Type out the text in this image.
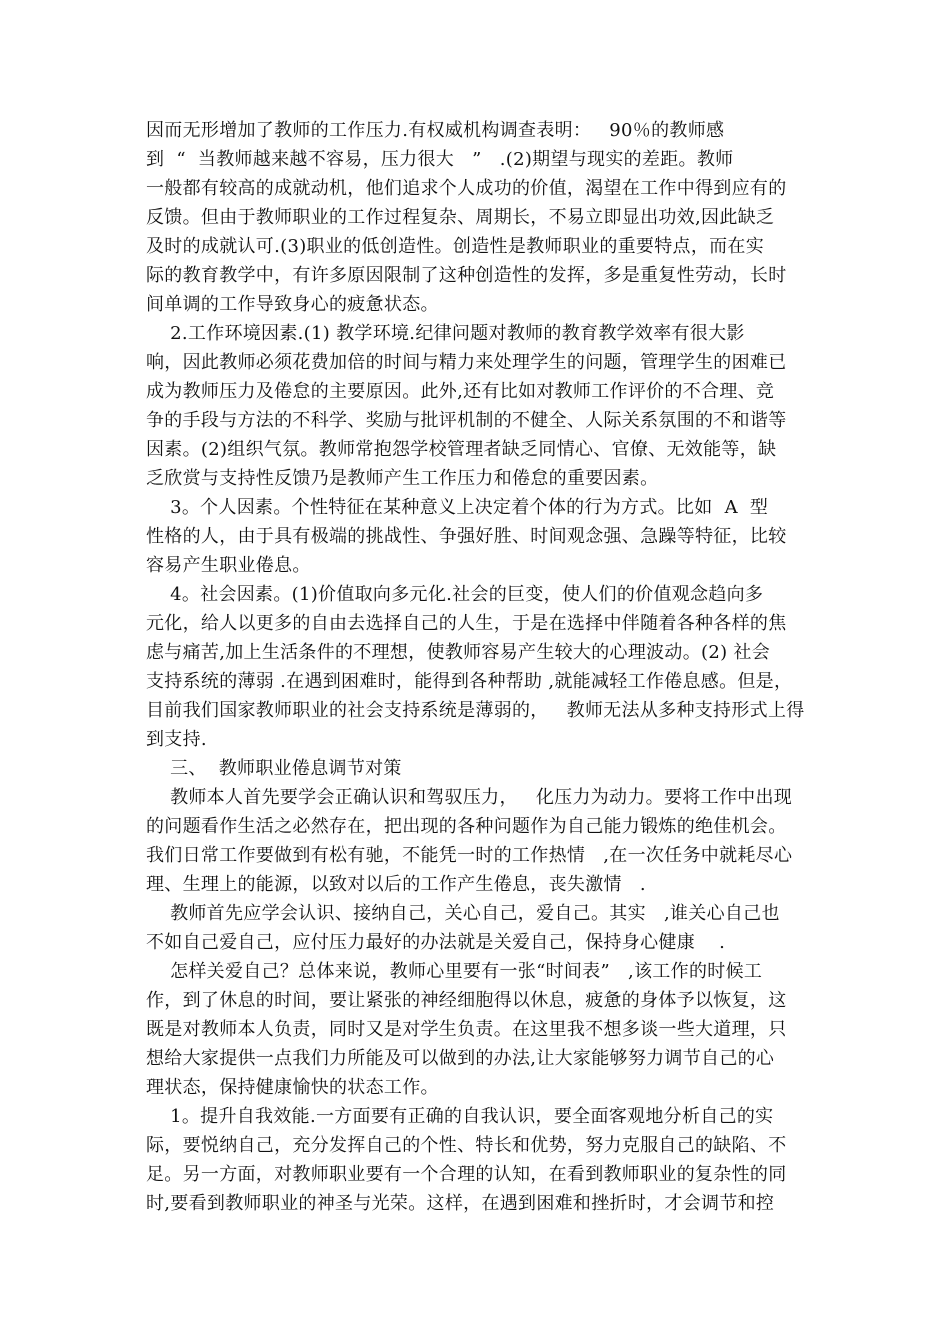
因而无形增加了教师的工作压力.有权威机构调查表明：   90％的教师感
到  “  当教师越来越不容易，压力很大   ”   .(2)期望与现实的差距。教师
一般都有较高的成就动机，他们追求个人成功的价值，渴望在工作中得到应有的
反馈。但由于教师职业的工作过程复杂、周期长，不易立即显出功效,因此缺乏
及时的成就认可.(3)职业的低创造性。创造性是教师职业的重要特点，而在实
际的教育教学中，有许多原因限制了这种创造性的发挥，多是重复性劳动，长时
间单调的工作导致身心的疲惫状态。
2.工作环境因素.(1) 教学环境.纪律问题对教师的教育教学效率有很大影
响，因此教师必须花费加倍的时间与精力来处理学生的问题，管理学生的困难已
成为教师压力及倦怠的主要原因。此外,还有比如对教师工作评价的不合理、竞
争的手段与方法的不科学、奖励与批评机制的不健全、人际关系氛围的不和谐等
因素。(2)组织气氛。教师常抱怨学校管理者缺乏同情心、官僚、无效能等，缺
乏欣赏与支持性反馈乃是教师产生工作压力和倦怠的重要因素。
3。个人因素。个性特征在某种意义上决定着个体的行为方式。比如  A  型
性格的人，由于具有极端的挑战性、争强好胜、时间观念强、急躁等特征，比较
容易产生职业倦息。
4。社会因素。(1)价值取向多元化.社会的巨变，使人们的价值观念趋向多
元化，给人以更多的自由去选择自己的人生，于是在选择中伴随着各种各样的焦
虑与痛苦,加上生活条件的不理想，使教师容易产生较大的心理波动。(2) 社会
支持系统的薄弱 .在遇到困难时，能得到各种帮助 ,就能减轻工作倦息感。但是，
目前我们国家教师职业的社会支持系统是薄弱的，   教师无法从多种支持形式上得
到支持.
三、  教师职业倦息调节对策
教师本人首先要学会正确认识和驾驭压力，   化压力为动力。要将工作中出现
的问题看作生活之必然存在，把出现的各种问题作为自己能力锻炼的绝佳机会。
我们日常工作要做到有松有驰，不能凭一时的工作热情   ,在一次任务中就耗尽心
理、生理上的能源，以致对以后的工作产生倦息，丧失激情   .
教师首先应学会认识、接纳自己，关心自己，爱自己。其实   ,谁关心自己也
不如自己爱自己，应付压力最好的办法就是关爱自己，保持身心健康    .
怎样关爱自己？总体来说，教师心里要有一张“时间表”   ,该工作的时候工
作，到了休息的时间，要让紧张的神经细胞得以休息，疲惫的身体予以恢复，这
既是对教师本人负责，同时又是对学生负责。在这里我不想多谈一些大道理，只
想给大家提供一点我们力所能及可以做到的办法,让大家能够努力调节自己的心
理状态，保持健康愉快的状态工作。
1。提升自我效能.一方面要有正确的自我认识，要全面客观地分析自己的实
际，要悦纳自己，充分发挥自己的个性、特长和优势，努力克服自己的缺陷、不
足。另一方面，对教师职业要有一个合理的认知，在看到教师职业的复杂性的同
时,要看到教师职业的神圣与光荣。这样，在遇到困难和挫折时，才会调节和控
